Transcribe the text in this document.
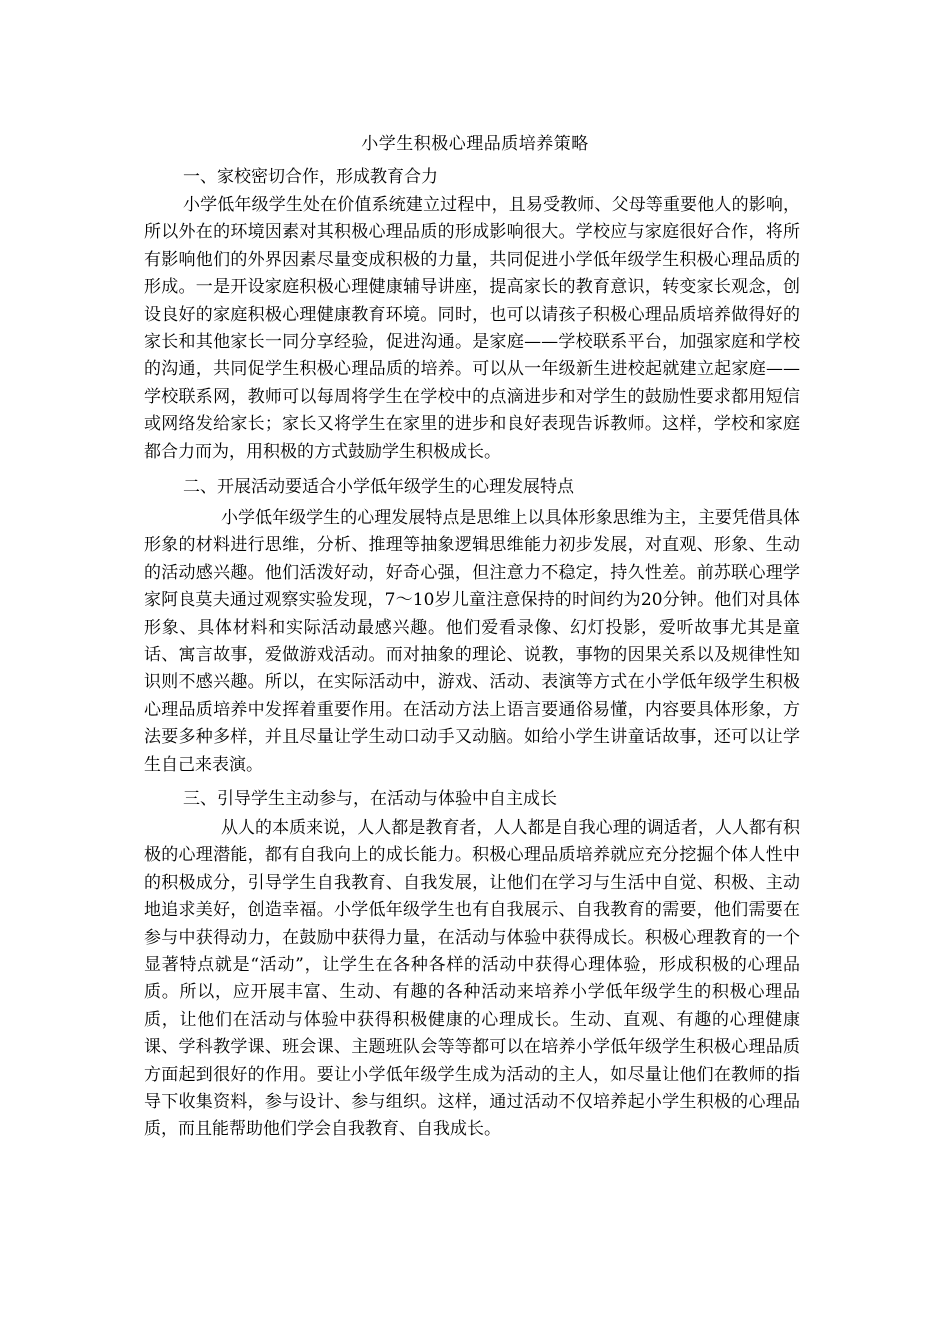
小学生积极心理品质培养策略
一、家校密切合作，形成教育合力
小学低年级学生处在价值系统建立过程中，且易受教师、父母等重要他人的影响，所以外在的环境因素对其积极心理品质的形成影响很大。学校应与家庭很好合作，将所有影响他们的外界因素尽量变成积极的力量，共同促进小学低年级学生积极心理品质的形成。一是开设家庭积极心理健康辅导讲座，提高家长的教育意识，转变家长观念，创设良好的家庭积极心理健康教育环境。同时，也可以请孩子积极心理品质培养做得好的家长和其他家长一同分享经验，促进沟通。是家庭——学校联系平台，加强家庭和学校的沟通，共同促学生积极心理品质的培养。可以从一年级新生进校起就建立起家庭——学校联系网，教师可以每周将学生在学校中的点滴进步和对学生的鼓励性要求都用短信或网络发给家长；家长又将学生在家里的进步和良好表现告诉教师。这样，学校和家庭都合力而为，用积极的方式鼓励学生积极成长。
二、开展活动要适合小学低年级学生的心理发展特点
小学低年级学生的心理发展特点是思维上以具体形象思维为主，主要凭借具体形象的材料进行思维，分析、推理等抽象逻辑思维能力初步发展，对直观、形象、生动的活动感兴趣。他们活泼好动，好奇心强，但注意力不稳定，持久性差。前苏联心理学家阿良莫夫通过观察实验发现，7～10岁儿童注意保持的时间约为20分钟。他们对具体形象、具体材料和实际活动最感兴趣。他们爱看录像、幻灯投影，爱听故事尤其是童话、寓言故事，爱做游戏活动。而对抽象的理论、说教，事物的因果关系以及规律性知识则不感兴趣。所以，在实际活动中，游戏、活动、表演等方式在小学低年级学生积极心理品质培养中发挥着重要作用。在活动方法上语言要通俗易懂，内容要具体形象，方法要多种多样，并且尽量让学生动口动手又动脑。如给小学生讲童话故事，还可以让学生自己来表演。
三、引导学生主动参与，在活动与体验中自主成长
从人的本质来说，人人都是教育者，人人都是自我心理的调适者，人人都有积极的心理潜能，都有自我向上的成长能力。积极心理品质培养就应充分挖掘个体人性中的积极成分，引导学生自我教育、自我发展，让他们在学习与生活中自觉、积极、主动地追求美好，创造幸福。小学低年级学生也有自我展示、自我教育的需要，他们需要在参与中获得动力，在鼓励中获得力量，在活动与体验中获得成长。积极心理教育的一个显著特点就是“活动”，让学生在各种各样的活动中获得心理体验，形成积极的心理品质。所以，应开展丰富、生动、有趣的各种活动来培养小学低年级学生的积极心理品质，让他们在活动与体验中获得积极健康的心理成长。生动、直观、有趣的心理健康课、学科教学课、班会课、主题班队会等等都可以在培养小学低年级学生积极心理品质方面起到很好的作用。要让小学低年级学生成为活动的主人，如尽量让他们在教师的指导下收集资料，参与设计、参与组织。这样，通过活动不仅培养起小学生积极的心理品质，而且能帮助他们学会自我教育、自我成长。
